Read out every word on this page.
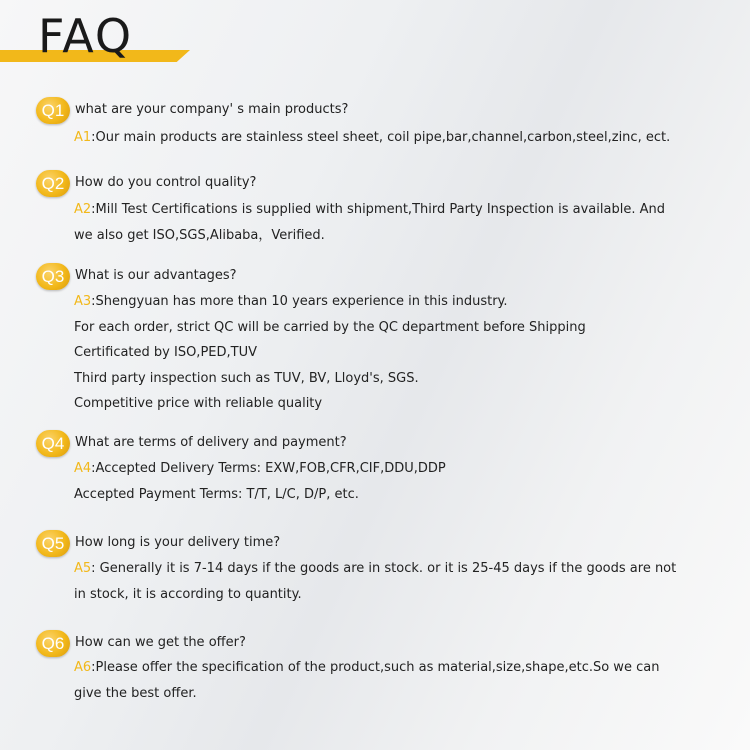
FAQ
Q1 what are your company' s main products?
A1:Our main products are stainless steel sheet, coil pipe,bar,channel,carbon,steel,zinc, ect.
Q2 How do you control quality?
A2:Mill Test Certifications is supplied with shipment,Third Party Inspection is available. And
we also get ISO,SGS,Alibaba，Verified.
Q3 What is our advantages?
A3:Shengyuan has more than 10 years experience in this industry.
For each order, strict QC will be carried by the QC department before Shipping
Certificated by ISO,PED,TUV
Third party inspection such as TUV, BV, Lloyd's, SGS.
Competitive price with reliable quality
Q4 What are terms of delivery and payment?
A4:Accepted Delivery Terms: EXW,FOB,CFR,CIF,DDU,DDP
Accepted Payment Terms: T/T, L/C, D/P, etc.
Q5 How long is your delivery time?
A5: Generally it is 7-14 days if the goods are in stock. or it is 25-45 days if the goods are not
in stock, it is according to quantity.
Q6 How can we get the offer?
A6:Please offer the specification of the product,such as material,size,shape,etc.So we can
give the best offer.
